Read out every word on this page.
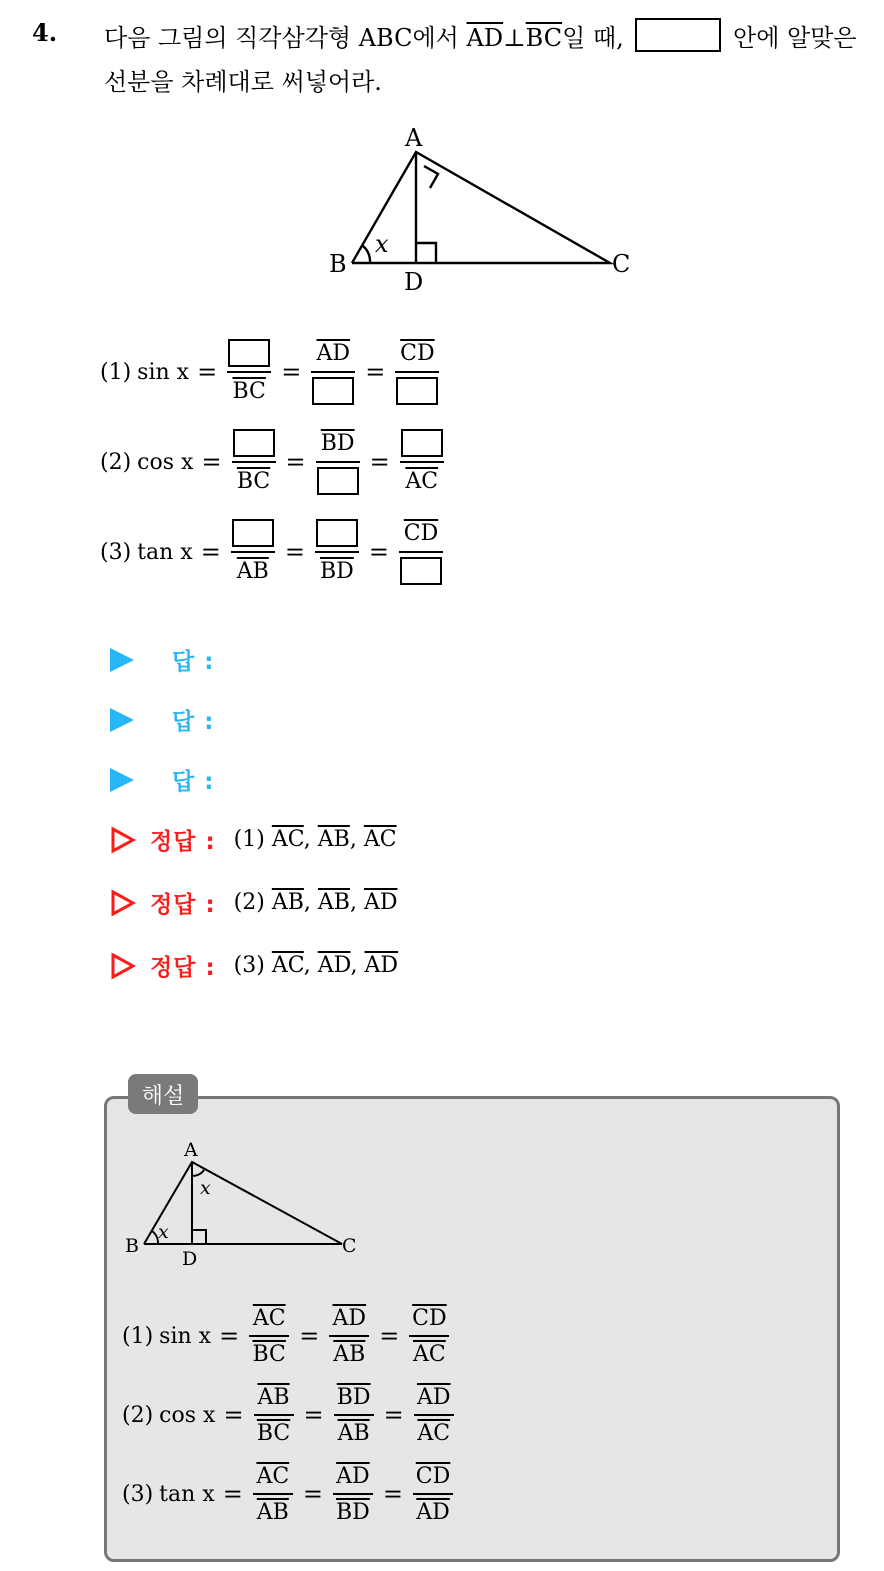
4. 다음 그림의 직각삼각형 ABC에서 $\overline{AD}\perp\overline{BC}$일 때,	안에 알맞은 선분을 차례대로 써넣어라.
A
B	C
D
x
(1) sin x =
$\overline{BC}$
=
$\overline{AD}$
=
$\overline{CD}$
(2) cos x =
$\overline{BC}$
=
$\overline{BD}$
=
$\overline{AC}$
(3) tan x =
$\overline{AB}$
=
$\overline{BD}$
=
$\overline{CD}$
답 :
답 :
답 :
정답 : (1) $\overline{AC}$, $\overline{AB}$, $\overline{AC}$
정답 : (2) $\overline{AB}$, $\overline{AB}$, $\overline{AD}$
정답 : (3) $\overline{AC}$, $\overline{AD}$, $\overline{AD}$
해설
A
B	C
D
x
x
(1) $\sin x = \frac{\overline{AC}}{BC} = \frac{\overline{AD}}{AB} = \frac{\overline{CD}}{AC}$
(2) $\cos x = \frac{\overline{AB}}{BC} = \frac{\overline{BD}}{AB} = \frac{\overline{AD}}{AC}$
(3) $\tan x = \frac{\overline{AC}}{AB} = \frac{\overline{AD}}{BD} = \frac{\overline{CD}}{AD}$
